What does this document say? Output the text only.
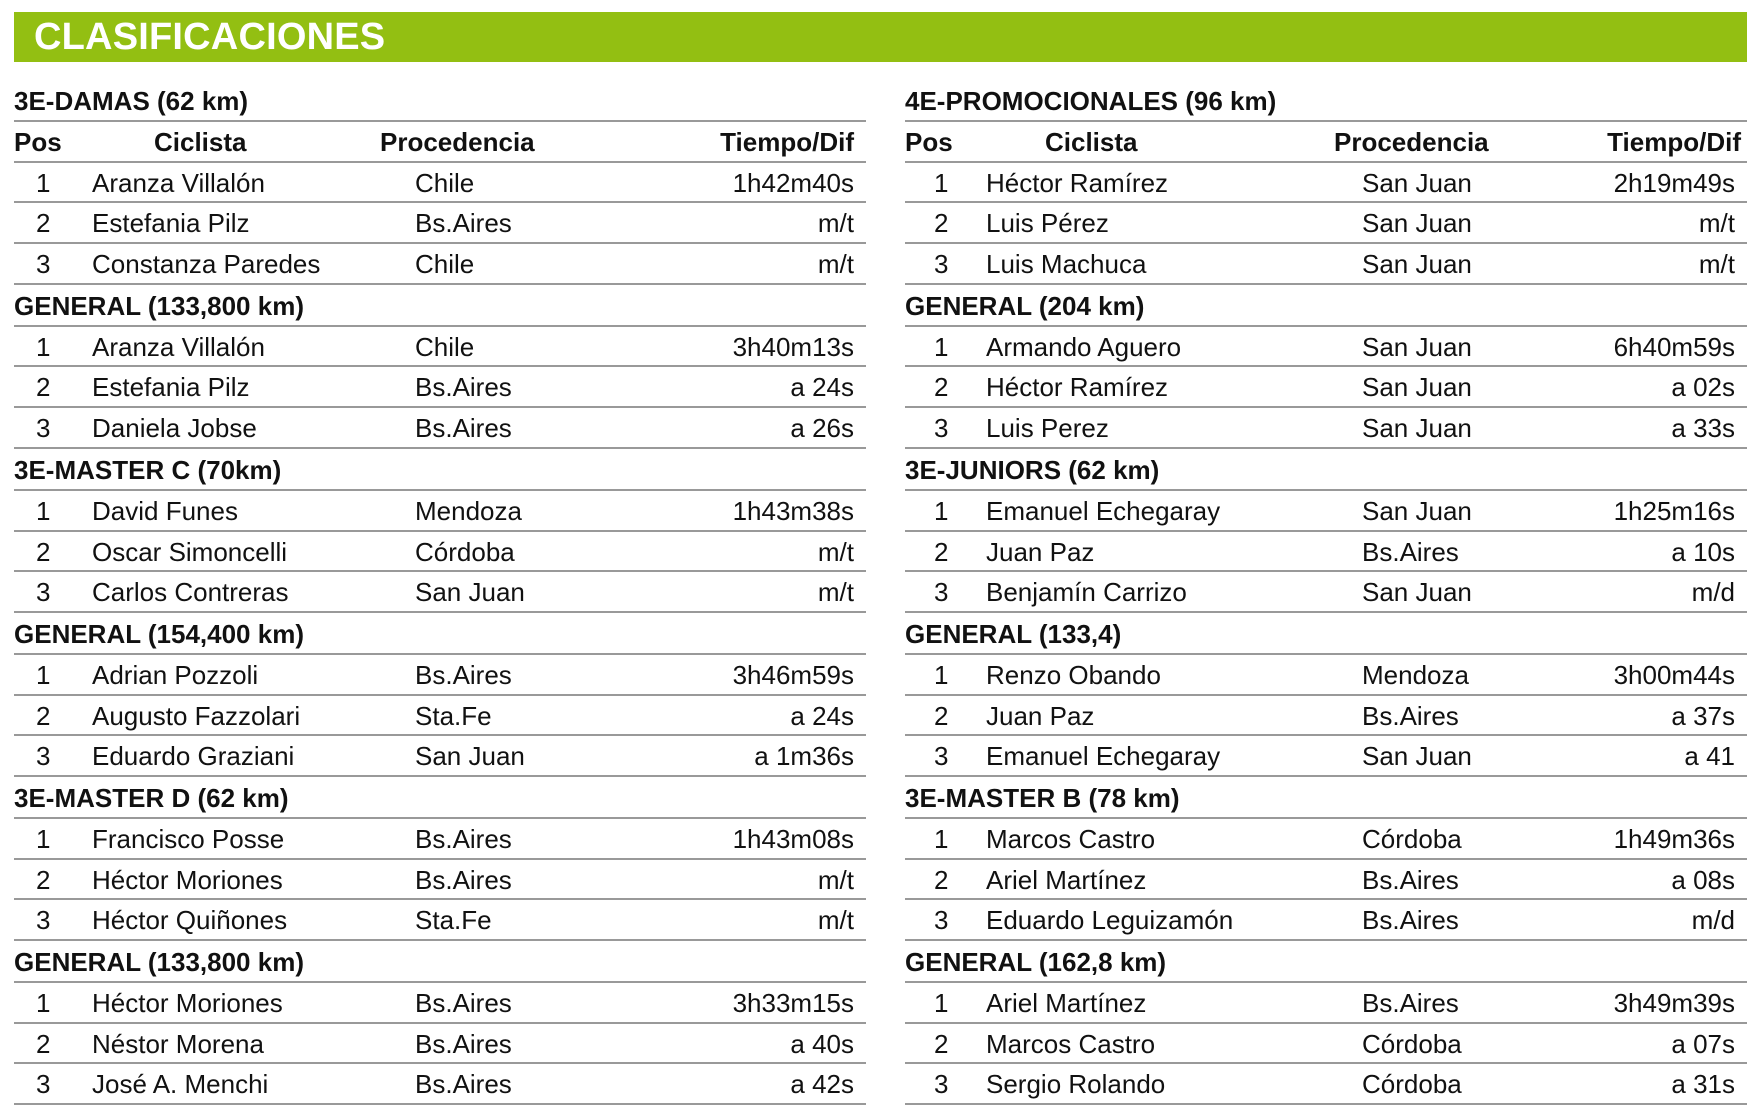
CLASIFICACIONES
3E-DAMAS (62 km)
Pos	Ciclista	Procedencia	Tiempo/Dif
1 Aranza Villalón	Chile	1h42m40s
2 Estefania Pilz	Bs.Aires	m/t
3 Constanza Paredes	Chile	m/t
GENERAL (133,800 km)
1 Aranza Villalón	Chile	3h40m13s
2 Estefania Pilz	Bs.Aires	a 24s
3 Daniela Jobse	Bs.Aires	a 26s
3E-MASTER C (70km)
1 David Funes	Mendoza	1h43m38s
2 Oscar Simoncelli	Córdoba	m/t
3 Carlos Contreras	San Juan	m/t
GENERAL (154,400 km)
1 Adrian Pozzoli	Bs.Aires	3h46m59s
2 Augusto Fazzolari	Sta.Fe	a 24s
3 Eduardo Graziani	San Juan	a 1m36s
3E-MASTER D (62 km)
1 Francisco Posse	Bs.Aires	1h43m08s
2 Héctor Moriones	Bs.Aires	m/t
3 Héctor Quiñones	Sta.Fe	m/t
GENERAL (133,800 km)
1 Héctor Moriones	Bs.Aires	3h33m15s
2 Néstor Morena	Bs.Aires	a 40s
3 José A. Menchi	Bs.Aires	a 42s
4E-PROMOCIONALES (96 km)
Pos	Ciclista	Procedencia	Tiempo/Dif
1 Héctor Ramírez	San Juan	2h19m49s
2 Luis Pérez	San Juan	m/t
3 Luis Machuca	San Juan	m/t
GENERAL (204 km)
1 Armando Aguero	San Juan	6h40m59s
2 Héctor Ramírez	San Juan	a 02s
3 Luis Perez	San Juan	a 33s
3E-JUNIORS (62 km)
1 Emanuel Echegaray	San Juan	1h25m16s
2 Juan Paz	Bs.Aires	a 10s
3 Benjamín Carrizo	San Juan	m/d
GENERAL (133,4)
1 Renzo Obando	Mendoza	3h00m44s
2 Juan Paz	Bs.Aires	a 37s
3 Emanuel Echegaray	San Juan	a 41
3E-MASTER B (78 km)
1 Marcos Castro	Córdoba	1h49m36s
2 Ariel Martínez	Bs.Aires	a 08s
3 Eduardo Leguizamón	Bs.Aires	m/d
GENERAL (162,8 km)
1 Ariel Martínez	Bs.Aires	3h49m39s
2 Marcos Castro	Córdoba	a 07s
3 Sergio Rolando	Córdoba	a 31s
